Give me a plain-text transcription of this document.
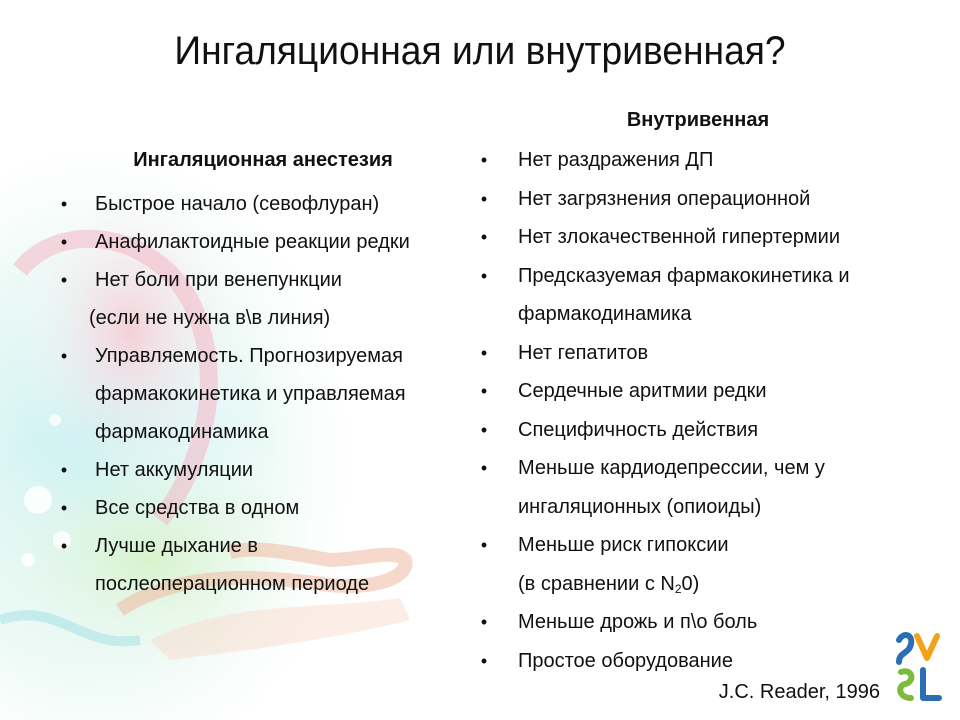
Ингаляционная или внутривенная?
Ингаляционная анестезия
• Быстрое начало (севофлуран)
• Анафилактоидные реакции редки
• Нет боли при венепункции
(если не нужна в\в линия)
• Управляемость. Прогнозируемая
фармакокинетика и управляемая
фармакодинамика
• Нет аккумуляции
• Все средства в одном
• Лучше дыхание в
послеоперационном периоде
Внутривенная
• Нет раздражения ДП
• Нет загрязнения операционной
• Нет злокачественной гипертермии
• Предсказуемая фармакокинетика и
фармакодинамика
• Нет гепатитов
• Сердечные аритмии редки
• Специфичность действия
• Меньше кардиодепрессии, чем у
ингаляционных (опиоиды)
• Меньше риск гипоксии
(в сравнении с $N_20$)
• Меньше дрожь и п\о боль
• Простое оборудование
J.C. Reader, 1996
V
L
